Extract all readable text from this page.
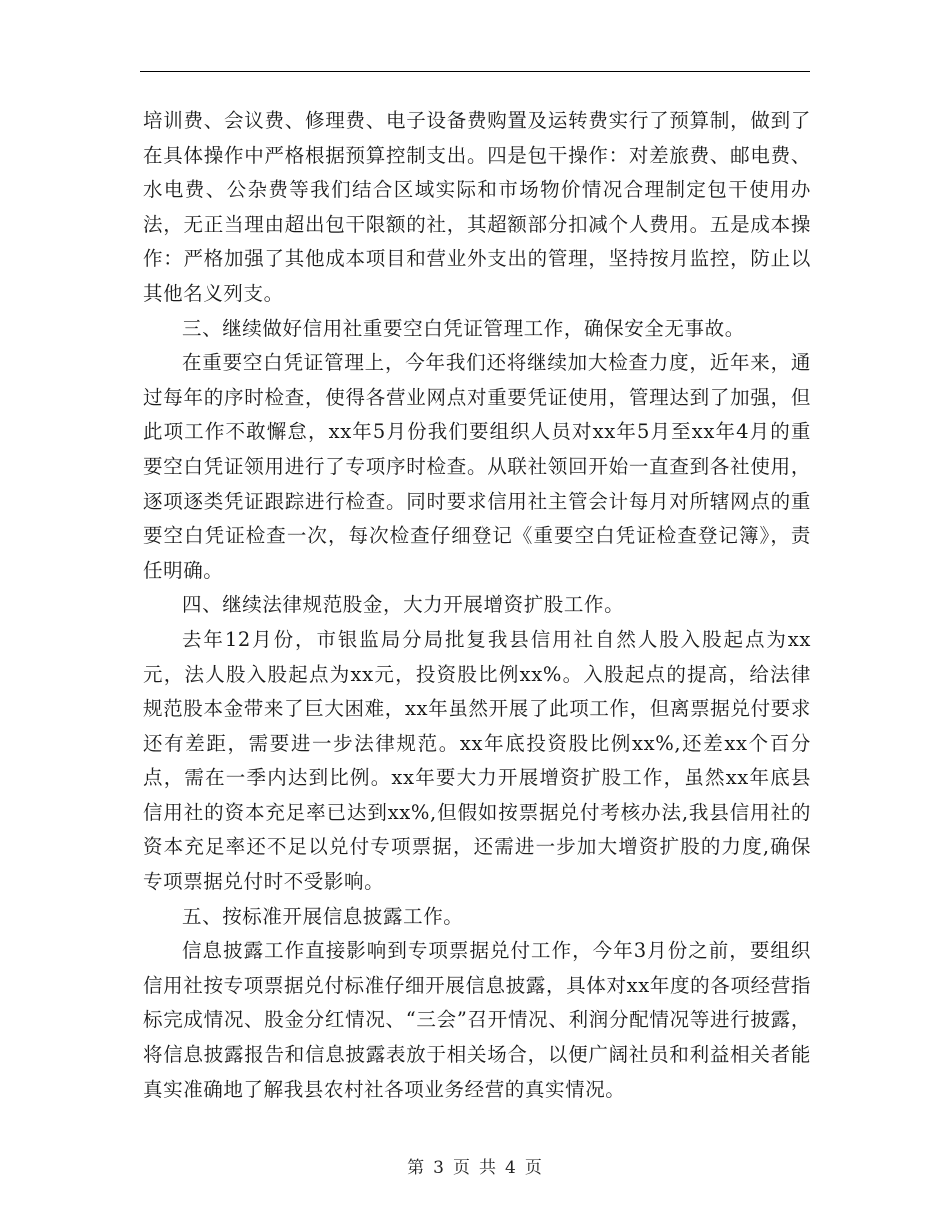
培训费、会议费、修理费、电子设备费购置及运转费实行了预算制，做到了在具体操作中严格根据预算控制支出。四是包干操作：对差旅费、邮电费、水电费、公杂费等我们结合区域实际和市场物价情况合理制定包干使用办法，无正当理由超出包干限额的社，其超额部分扣减个人费用。五是成本操作：严格加强了其他成本项目和营业外支出的管理，坚持按月监控，防止以其他名义列支。

三、继续做好信用社重要空白凭证管理工作，确保安全无事故。

在重要空白凭证管理上，今年我们还将继续加大检查力度，近年来，通过每年的序时检查，使得各营业网点对重要凭证使用，管理达到了加强，但此项工作不敢懈怠，xx年5月份我们要组织人员对xx年5月至xx年4月的重要空白凭证领用进行了专项序时检查。从联社领回开始一直查到各社使用，逐项逐类凭证跟踪进行检查。同时要求信用社主管会计每月对所辖网点的重要空白凭证检查一次，每次检查仔细登记《重要空白凭证检查登记簿》，责任明确。

四、继续法律规范股金，大力开展增资扩股工作。

去年12月份，市银监局分局批复我县信用社自然人股入股起点为xx元，法人股入股起点为xx元，投资股比例xx%。入股起点的提高，给法律规范股本金带来了巨大困难，xx年虽然开展了此项工作，但离票据兑付要求还有差距，需要进一步法律规范。xx年底投资股比例xx%,还差xx个百分点，需在一季内达到比例。xx年要大力开展增资扩股工作，虽然xx年底县信用社的资本充足率已达到xx%,但假如按票据兑付考核办法,我县信用社的资本充足率还不足以兑付专项票据，还需进一步加大增资扩股的力度,确保专项票据兑付时不受影响。

五、按标准开展信息披露工作。

信息披露工作直接影响到专项票据兑付工作，今年3月份之前，要组织信用社按专项票据兑付标准仔细开展信息披露，具体对xx年度的各项经营指标完成情况、股金分红情况、“三会”召开情况、利润分配情况等进行披露，将信息披露报告和信息披露表放于相关场合，以便广阔社员和利益相关者能真实准确地了解我县农村社各项业务经营的真实情况。

第 3 页 共 4 页
